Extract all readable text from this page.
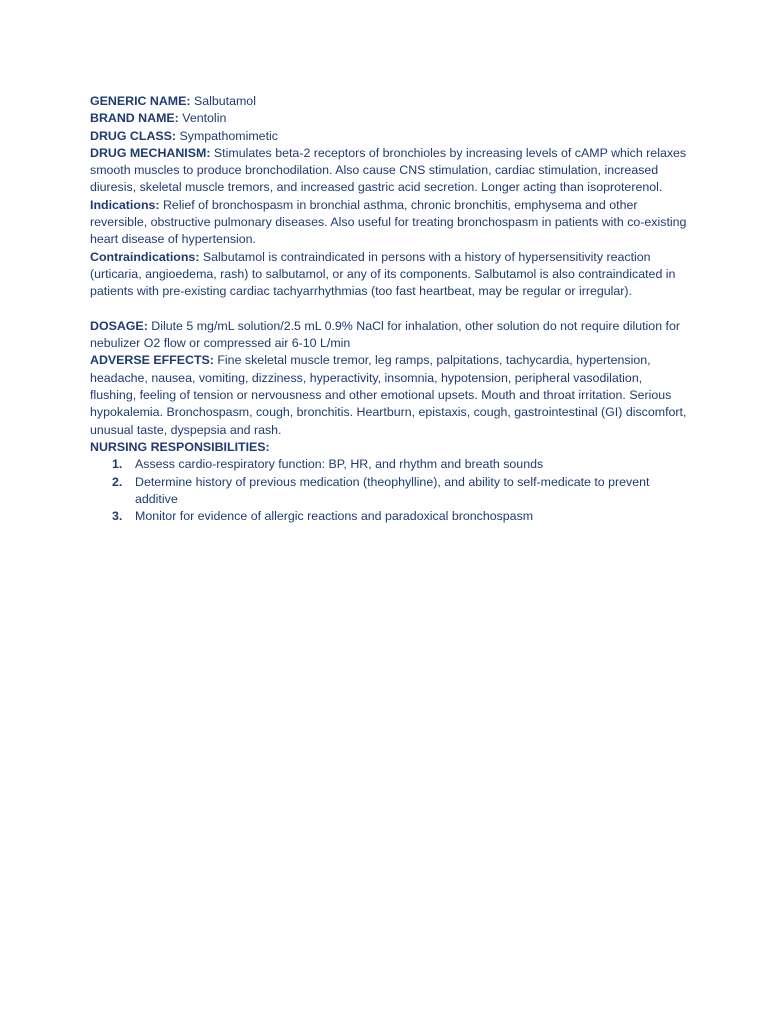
GENERIC NAME: Salbutamol

BRAND NAME: Ventolin

DRUG CLASS: Sympathomimetic

DRUG MECHANISM: Stimulates beta-2 receptors of bronchioles by increasing levels of cAMP which relaxes smooth muscles to produce bronchodilation. Also cause CNS stimulation, cardiac stimulation, increased diuresis, skeletal muscle tremors, and increased gastric acid secretion. Longer acting than isoproterenol.

Indications: Relief of bronchospasm in bronchial asthma, chronic bronchitis, emphysema and other reversible, obstructive pulmonary diseases. Also useful for treating bronchospasm in patients with co-existing heart disease of hypertension.

Contraindications: Salbutamol is contraindicated in persons with a history of hypersensitivity reaction (urticaria, angioedema, rash) to salbutamol, or any of its components. Salbutamol is also contraindicated in patients with pre-existing cardiac tachyarrhythmias (too fast heartbeat, may be regular or irregular).

DOSAGE: Dilute 5 mg/mL solution/2.5 mL 0.9% NaCl for inhalation, other solution do not require dilution for nebulizer O2 flow or compressed air 6-10 L/min

ADVERSE EFFECTS: Fine skeletal muscle tremor, leg ramps, palpitations, tachycardia, hypertension, headache, nausea, vomiting, dizziness, hyperactivity, insomnia, hypotension, peripheral vasodilation, flushing, feeling of tension or nervousness and other emotional upsets. Mouth and throat irritation. Serious hypokalemia. Bronchospasm, cough, bronchitis. Heartburn, epistaxis, cough, gastrointestinal (GI) discomfort, unusual taste, dyspepsia and rash.

NURSING RESPONSIBILITIES:

1. Assess cardio-respiratory function: BP, HR, and rhythm and breath sounds
2. Determine history of previous medication (theophylline), and ability to self-medicate to prevent additive
3. Monitor for evidence of allergic reactions and paradoxical bronchospasm
